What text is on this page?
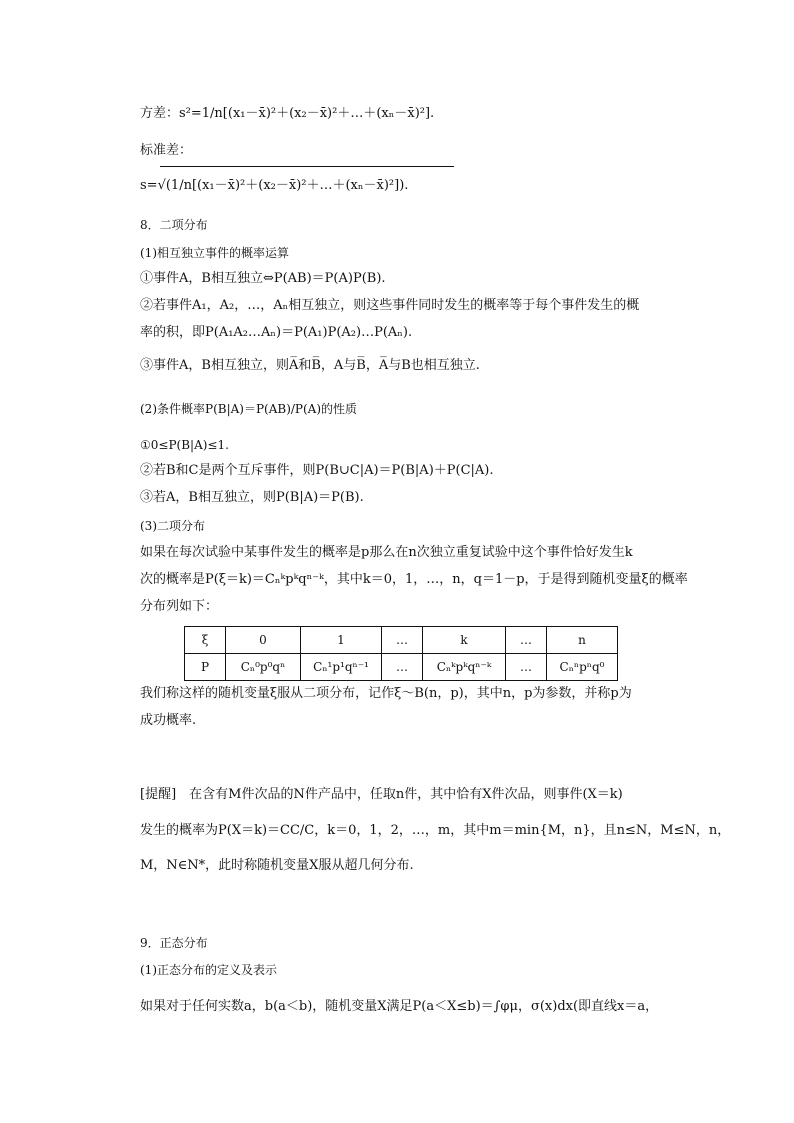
方差：s²=1/n[(x₁－x̄)²＋(x₂－x̄)²＋…＋(xₙ－x̄)²].
标准差：
s=√(1/n[(x₁－x̄)²＋(x₂－x̄)²＋…＋(xₙ－x̄)²]).
8．二项分布
(1)相互独立事件的概率运算
①事件A，B相互独立⇔P(AB)＝P(A)P(B).
②若事件A₁，A₂，…，Aₙ相互独立，则这些事件同时发生的概率等于每个事件发生的概
率的积，即P(A₁A₂…Aₙ)＝P(A₁)P(A₂)…P(Aₙ).
③事件A，B相互独立，则A̅和B̅，A与B̅，A̅与B也相互独立.
(2)条件概率P(B|A)＝P(AB)/P(A)的性质
①0≤P(B|A)≤1.
②若B和C是两个互斥事件，则P(B∪C|A)＝P(B|A)＋P(C|A).
③若A，B相互独立，则P(B|A)＝P(B).
(3)二项分布
如果在每次试验中某事件发生的概率是p那么在n次独立重复试验中这个事件恰好发生k
次的概率是P(ξ＝k)＝Cₙᵏpᵏqⁿ⁻ᵏ，其中k＝0，1，…，n，q＝1－p，于是得到随机变量ξ的概率
分布列如下：
ξ	0	1	…	k	…	n
P	Cₙ⁰p⁰qⁿ	Cₙ¹p¹qⁿ⁻¹	…	Cₙᵏpᵏqⁿ⁻ᵏ	…	Cₙⁿpⁿq⁰
我们称这样的随机变量ξ服从二项分布，记作ξ～B(n，p)，其中n，p为参数，并称p为
成功概率.
[提醒]　在含有M件次品的N件产品中，任取n件，其中恰有X件次品，则事件(X＝k)
发生的概率为P(X＝k)＝CC/C，k＝0，1，2，…，m，其中m＝min{M，n}，且n≤N，M≤N，n，
M，N∈N*，此时称随机变量X服从超几何分布.
9．正态分布
(1)正态分布的定义及表示
如果对于任何实数a，b(a＜b)，随机变量X满足P(a＜X≤b)＝∫φμ，σ(x)dx(即直线x＝a，
